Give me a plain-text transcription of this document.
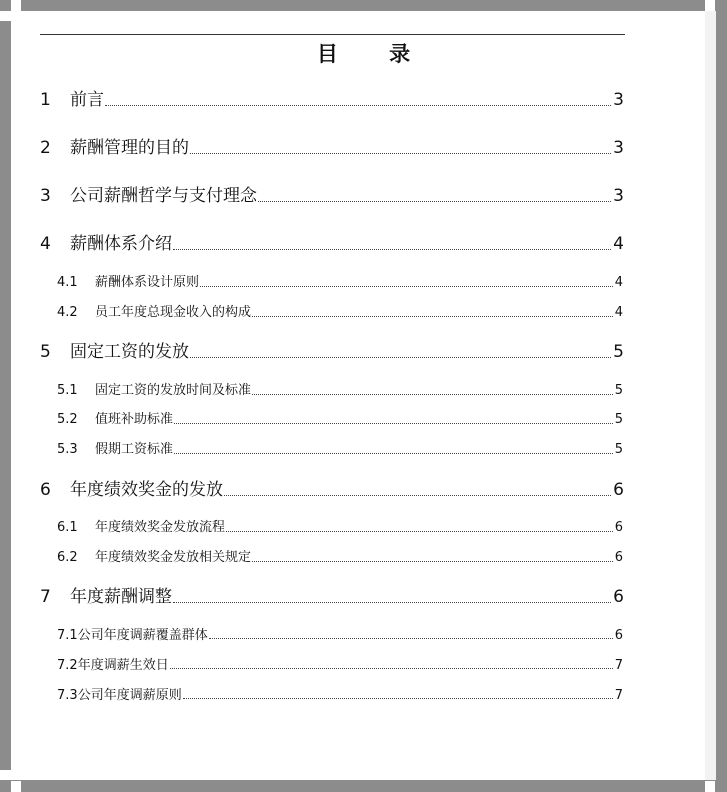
目 录
1	前言	3
2	薪酬管理的目的	3
3	公司薪酬哲学与支付理念	3
4	薪酬体系介绍	4
4.1	薪酬体系设计原则	4
4.2	员工年度总现金收入的构成	4
5	固定工资的发放	5
5.1	固定工资的发放时间及标准	5
5.2	值班补助标准	5
5.3	假期工资标准	5
6	年度绩效奖金的发放	6
6.1	年度绩效奖金发放流程	6
6.2	年度绩效奖金发放相关规定	6
7	年度薪酬调整	6
7.1 公司年度调薪覆盖群体	6
7.2 年度调薪生效日	7
7.3 公司年度调薪原则	7
